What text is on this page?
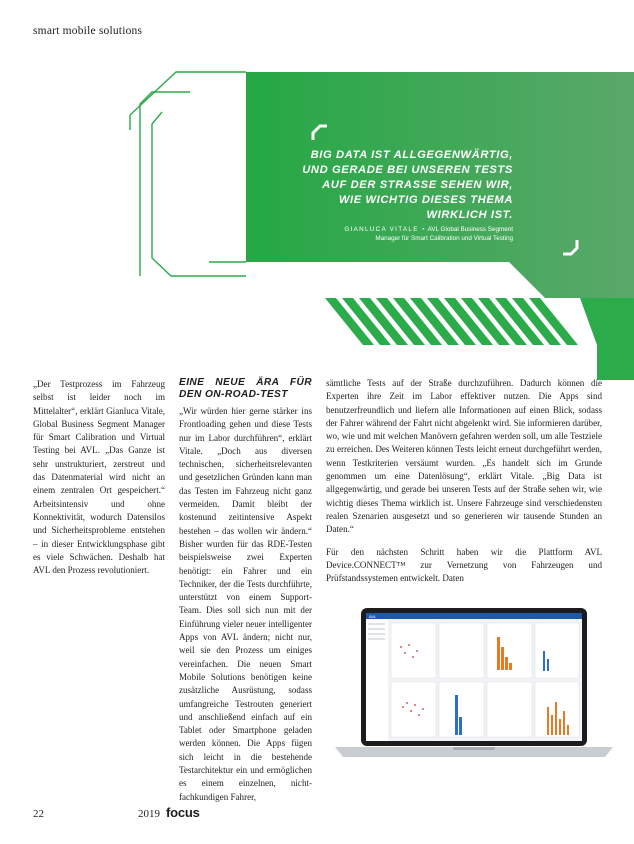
smart mobile solutions
BIG DATA IST ALLGEGENWÄRTIG,
UND GERADE BEI UNSEREN TESTS
AUF DER STRASSE SEHEN WIR,
WIE WICHTIG DIESES THEMA
WIRKLICH IST.
GIANLUCA VITALE  •  AVL Global Business Segment
Manager für Smart Calibration und Virtual Testing

„Der Testprozess im Fahrzeug selbst ist leider noch im Mittelalter“, erklärt Gianluca Vitale, Global Business Segment Manager für Smart Calibration und Virtual Testing bei AVL. „Das Ganze ist sehr unstrukturiert, zerstreut und das Datenmaterial wird nicht an einem zentralen Ort gespeichert.“ Arbeitsintensiv und ohne Konnektivität, wodurch Datensilos und Sicherheitsprobleme entstehen – in dieser Entwicklungsphase gibt es viele Schwächen. Deshalb hat AVL den Prozess revolutioniert.

EINE NEUE ÄRA FÜR DEN ON-ROAD-TEST

„Wir würden hier gerne stärker ins Frontloading gehen und diese Tests nur im Labor durchführen“, erklärt Vitale. „Doch aus diversen technischen, sicherheitsrelevanten und gesetzlichen Gründen kann man das Testen im Fahrzeug nicht ganz vermeiden. Damit bleibt der kostenund zeitintensive Aspekt bestehen – das wollen wir ändern.“ Bisher wurden für das RDE-Testen beispielsweise zwei Experten benötigt: ein Fahrer und ein Techniker, der die Tests durchführte, unterstützt von einem Support-Team. Dies soll sich nun mit der Einführung vieler neuer intelligenter Apps von AVL ändern; nicht nur, weil sie den Prozess um einiges vereinfachen. Die neuen Smart Mobile Solutions benötigen keine zusätzliche Ausrüstung, sodass umfangreiche Testrouten generiert und anschließend einfach auf ein Tablet oder Smartphone geladen werden können. Die Apps fügen sich leicht in die bestehende Testarchitektur ein und ermöglichen es einem einzelnen, nicht-fachkundigen Fahrer,

sämtliche Tests auf der Straße durchzuführen. Dadurch können die Experten ihre Zeit im Labor effektiver nutzen. Die Apps sind benutzerfreundlich und liefern alle Informationen auf einen Blick, sodass der Fahrer während der Fahrt nicht abgelenkt wird. Sie informieren darüber, wo, wie und mit welchen Manövern gefahren werden soll, um alle Testziele zu erreichen. Des Weiteren können Tests leicht erneut durchgeführt werden, wenn Testkriterien versäumt wurden. „Es handelt sich im Grunde genommen um eine Datenlösung“, erklärt Vitale. „Big Data ist allgegenwärtig, und gerade bei unseren Tests auf der Straße sehen wir, wie wichtig dieses Thema wirklich ist. Unsere Fahrzeuge sind verschiedensten realen Szenarien ausgesetzt und so generieren wir tausende Stunden an Daten.“

Für den nächsten Schritt haben wir die Plattform AVL Device.CONNECT™ zur Vernetzung von Fahrzeugen und Prüfstandssystemen entwickelt. Daten

AVL
22	2019 focus
